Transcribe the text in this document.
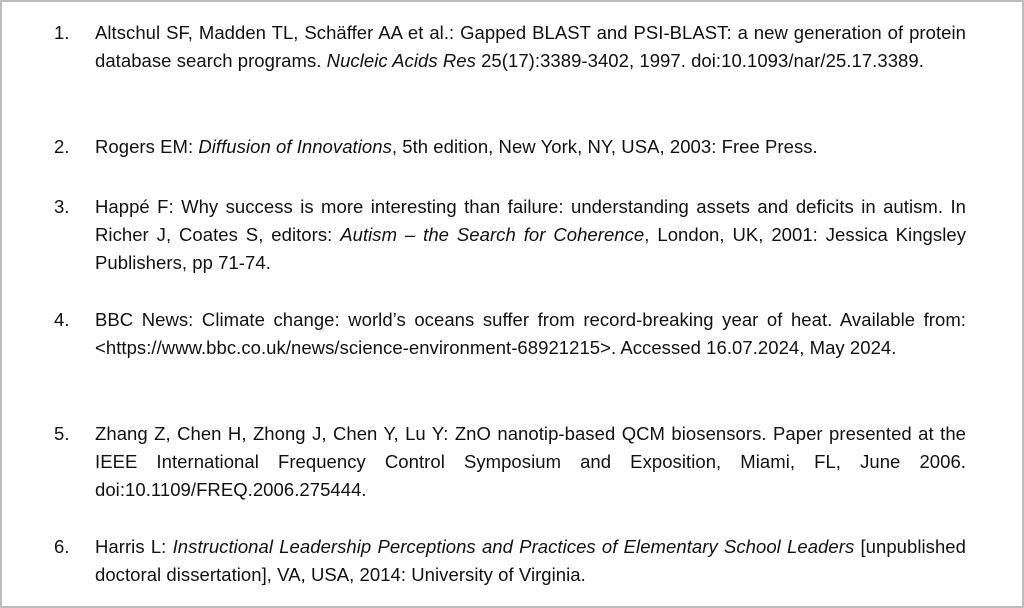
1. Altschul SF, Madden TL, Schäffer AA et al.: Gapped BLAST and PSI-BLAST: a new generation of protein database search programs. Nucleic Acids Res 25(17):3389-3402, 1997. doi:10.1093/nar/25.17.3389.
2. Rogers EM: Diffusion of Innovations, 5th edition, New York, NY, USA, 2003: Free Press.
3. Happé F: Why success is more interesting than failure: understanding assets and deficits in autism. In Richer J, Coates S, editors: Autism – the Search for Coherence, London, UK, 2001: Jessica Kingsley Publishers, pp 71-74.
4. BBC News: Climate change: world’s oceans suffer from record-breaking year of heat. Available from: <https://www.bbc.co.uk/news/science-environment-68921215>. Accessed 16.07.2024, May 2024.
5. Zhang Z, Chen H, Zhong J, Chen Y, Lu Y: ZnO nanotip-based QCM biosensors. Paper presented at the IEEE International Frequency Control Symposium and Exposition, Miami, FL, June 2006. doi:10.1109/FREQ.2006.275444.
6. Harris L: Instructional Leadership Perceptions and Practices of Elementary School Leaders [unpublished doctoral dissertation], VA, USA, 2014: University of Virginia.
